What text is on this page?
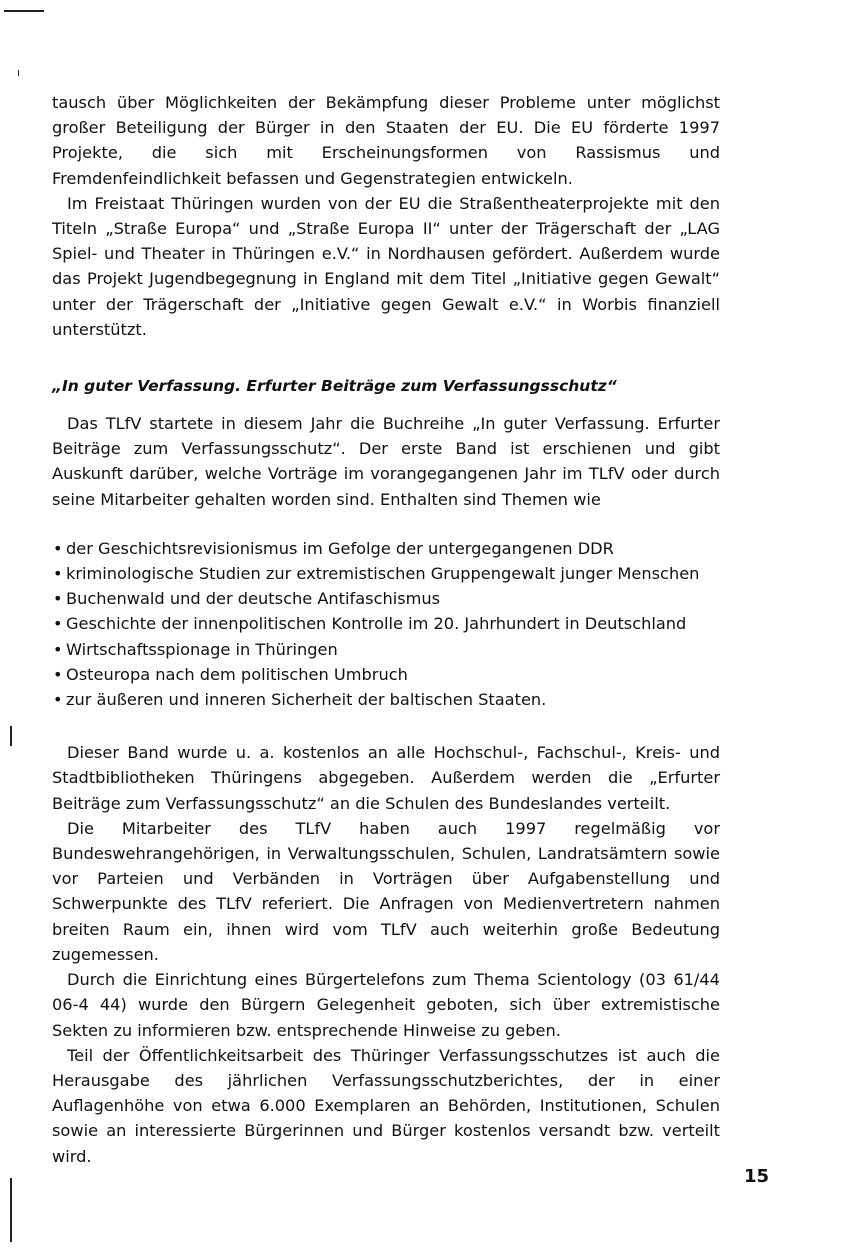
tausch über Möglichkeiten der Bekämpfung dieser Probleme unter möglichst großer Beteiligung der Bürger in den Staaten der EU. Die EU förderte 1997 Projekte, die sich mit Erscheinungsformen von Rassismus und Fremdenfeindlichkeit befassen und Gegenstrategien entwickeln.

Im Freistaat Thüringen wurden von der EU die Straßentheaterprojekte mit den Titeln „Straße Europa“ und „Straße Europa II“ unter der Trägerschaft der „LAG Spiel- und Theater in Thüringen e.V.“ in Nordhausen gefördert. Außerdem wurde das Projekt Jugendbegegnung in England mit dem Titel „Initiative gegen Gewalt“ unter der Trägerschaft der „Initiative gegen Gewalt e.V.“ in Worbis finanziell unterstützt.

„In guter Verfassung. Erfurter Beiträge zum Verfassungsschutz“

Das TLfV startete in diesem Jahr die Buchreihe „In guter Verfassung. Erfurter Beiträge zum Verfassungsschutz“. Der erste Band ist erschienen und gibt Auskunft darüber, welche Vorträge im vorangegangenen Jahr im TLfV oder durch seine Mitarbeiter gehalten worden sind. Enthalten sind Themen wie

• der Geschichtsrevisionismus im Gefolge der untergegangenen DDR
• kriminologische Studien zur extremistischen Gruppengewalt junger Menschen
• Buchenwald und der deutsche Antifaschismus
• Geschichte der innenpolitischen Kontrolle im 20. Jahrhundert in Deutschland
• Wirtschaftsspionage in Thüringen
• Osteuropa nach dem politischen Umbruch
• zur äußeren und inneren Sicherheit der baltischen Staaten.

Dieser Band wurde u. a. kostenlos an alle Hochschul-, Fachschul-, Kreis- und Stadtbibliotheken Thüringens abgegeben. Außerdem werden die „Erfurter Beiträge zum Verfassungsschutz“ an die Schulen des Bundeslandes verteilt.

Die Mitarbeiter des TLfV haben auch 1997 regelmäßig vor Bundeswehrangehörigen, in Verwaltungsschulen, Schulen, Landratsämtern sowie vor Parteien und Verbänden in Vorträgen über Aufgabenstellung und Schwerpunkte des TLfV referiert. Die Anfragen von Medienvertretern nahmen breiten Raum ein, ihnen wird vom TLfV auch weiterhin große Bedeutung zugemessen.

Durch die Einrichtung eines Bürgertelefons zum Thema Scientology (03 61/44 06-4 44) wurde den Bürgern Gelegenheit geboten, sich über extremistische Sekten zu informieren bzw. entsprechende Hinweise zu geben.

Teil der Öffentlichkeitsarbeit des Thüringer Verfassungsschutzes ist auch die Herausgabe des jährlichen Verfassungsschutzberichtes, der in einer Auflagenhöhe von etwa 6.000 Exemplaren an Behörden, Institutionen, Schulen sowie an interessierte Bürgerinnen und Bürger kostenlos versandt bzw. verteilt wird.

15
